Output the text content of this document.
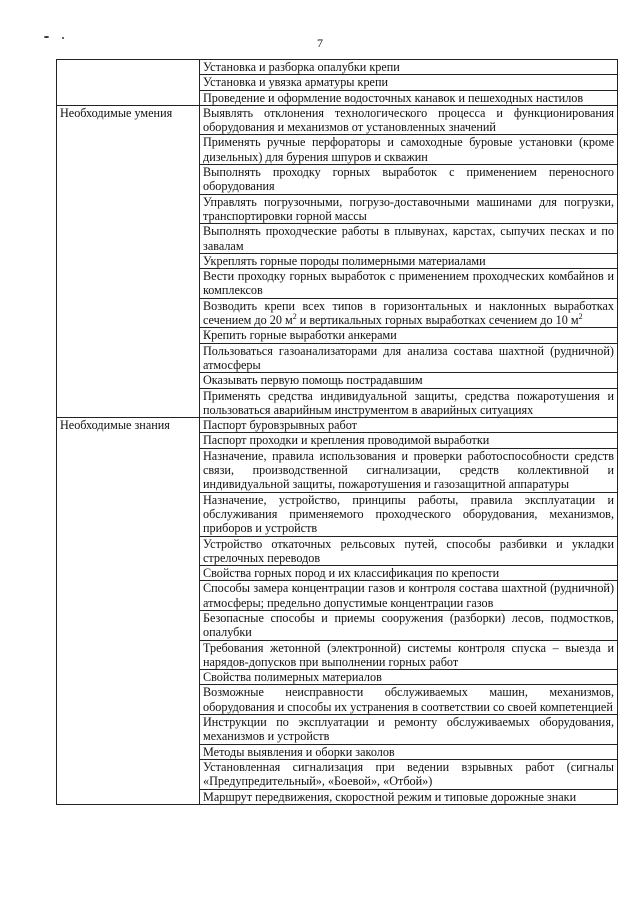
7
	Установка и разборка опалубки крепи
	Установка и увязка арматуры крепи
	Проведение и оформление водосточных канавок и пешеходных настилов
Необходимые умения	Выявлять отклонения технологического процесса и функционирования оборудования и механизмов от установленных значений
	Применять ручные перфораторы и самоходные буровые установки (кроме дизельных) для бурения шпуров и скважин
	Выполнять проходку горных выработок с применением переносного оборудования
	Управлять погрузочными, погрузо-доставочными машинами для погрузки, транспортировки горной массы
	Выполнять проходческие работы в плывунах, карстах, сыпучих песках и по завалам
	Укреплять горные породы полимерными материалами
	Вести проходку горных выработок с применением проходческих комбайнов и комплексов
	Возводить крепи всех типов в горизонтальных и наклонных выработках сечением до 20 $м^2$ и вертикальных горных выработках сечением до 10 $м^2$
	Крепить горные выработки анкерами
	Пользоваться газоанализаторами для анализа состава шахтной (рудничной) атмосферы
	Оказывать первую помощь пострадавшим
	Применять средства индивидуальной защиты, средства пожаротушения и пользоваться аварийным инструментом в аварийных ситуациях
Необходимые знания	Паспорт буровзрывных работ
	Паспорт проходки и крепления проводимой выработки
	Назначение, правила использования и проверки работоспособности средств связи, производственной сигнализации, средств коллективной и индивидуальной защиты, пожаротушения и газозащитной аппаратуры
	Назначение, устройство, принципы работы, правила эксплуатации и обслуживания применяемого проходческого оборудования, механизмов, приборов и устройств
	Устройство откаточных рельсовых путей, способы разбивки и укладки стрелочных переводов
	Свойства горных пород и их классификация по крепости
	Способы замера концентрации газов и контроля состава шахтной (рудничной) атмосферы; предельно допустимые концентрации газов
	Безопасные способы и приемы сооружения (разборки) лесов, подмостков, опалубки
	Требования жетонной (электронной) системы контроля спуска – выезда и нарядов-допусков при выполнении горных работ
	Свойства полимерных материалов
	Возможные неисправности обслуживаемых машин, механизмов, оборудования и способы их устранения в соответствии со своей компетенцией
	Инструкции по эксплуатации и ремонту обслуживаемых оборудования, механизмов и устройств
	Методы выявления и оборки заколов
	Установленная сигнализация при ведении взрывных работ (сигналы «Предупредительный», «Боевой», «Отбой»)
	Маршрут передвижения, скоростной режим и типовые дорожные знаки
